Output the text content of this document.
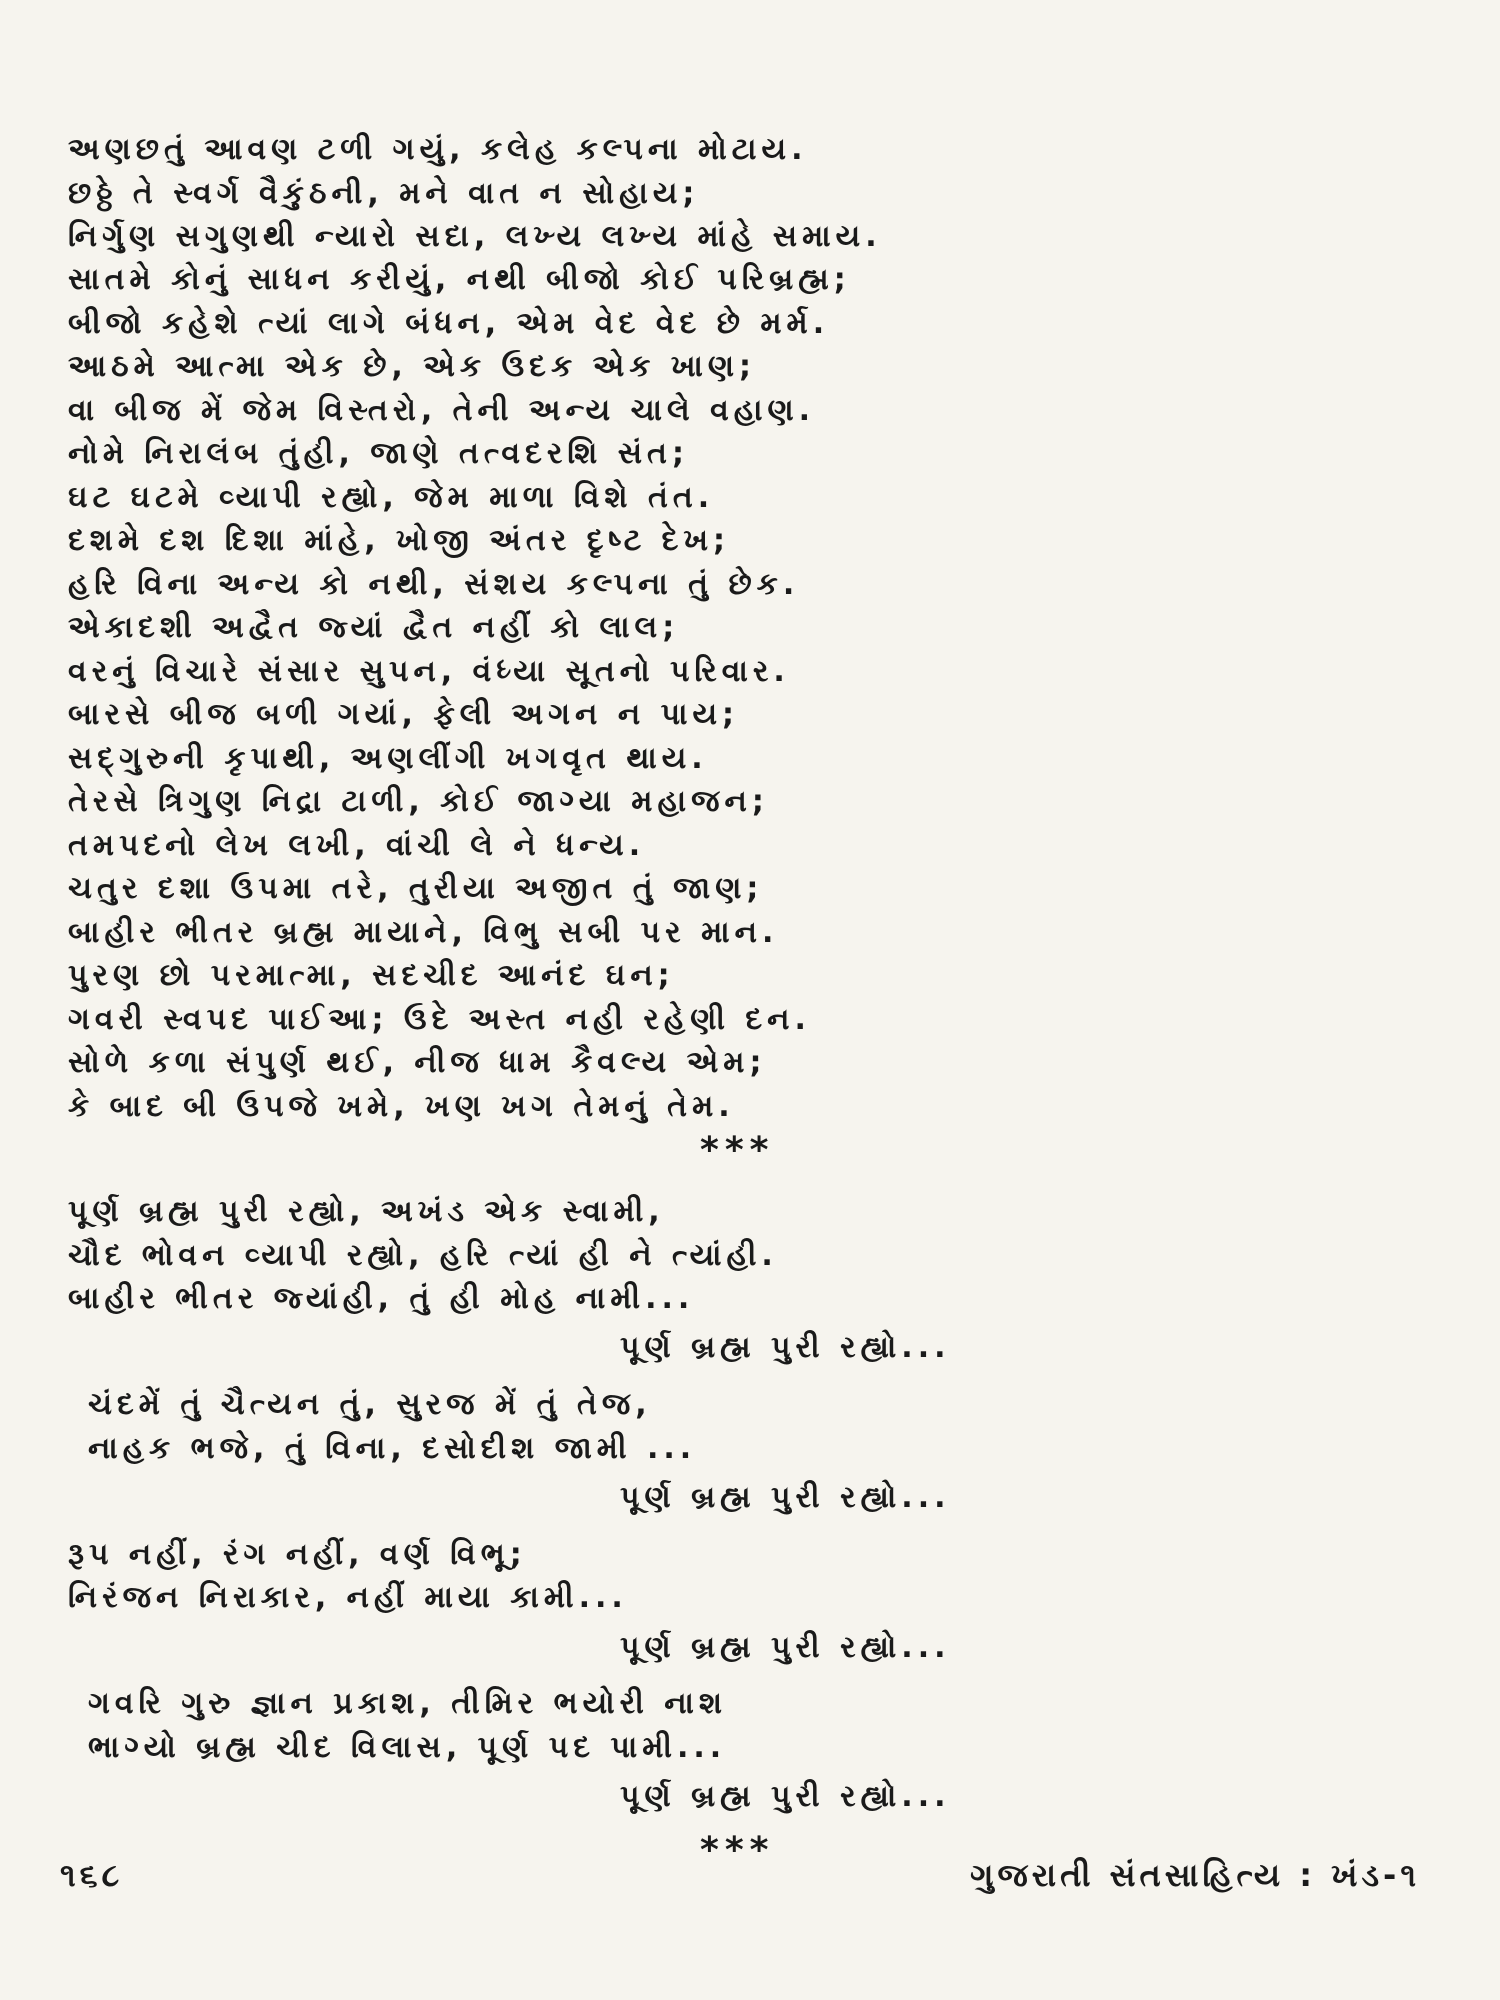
અણછતું આવણ ટળી ગયું, કલેહ કલ્પના મોટાય.
છઠ્ઠે તે સ્વર્ગ વૈકુંઠની, મને વાત ન સોહાય;
નિર્ગુણ સગુણથી ન્યારો સદા, લખ્ય લખ્ય માંહે સમાય.
સાતમે કોનું સાધન કરીયું, નથી બીજો કોઈ પરિબ્રહ્મ;
બીજો કહેશે ત્યાં લાગે બંધન, એમ વેદ વેદ છે મર્મ.
આઠમે આત્મા એક છે, એક ઉદક એક ખાણ;
વા બીજ મેં જેમ વિસ્તરો, તેની અન્ય ચાલે વહાણ.
નોમે નિરાલંબ તુંહી, જાણે તત્વદરશિ સંત;
ઘટ ઘટમે વ્યાપી રહ્યો, જેમ માળા વિશે તંત.
દશમે દશ દિશા માંહે, ખોજી અંતર દૃષ્ટ દેખ;
હરિ વિના અન્ય કો નથી, સંશય કલ્પના તું છેક.
એકાદશી અદ્વૈત જ્યાં દ્વૈત નહીં કો લાલ;
વરનું વિચારે સંસાર સુપન, વંધ્યા સૂતનો પરિવાર.
બારસે બીજ બળી ગયાં, ફેલી અગન ન પાય;
સદ્‌ગુરુની કૃપાથી, અણલીંગી ખગવૃત થાય.
તેરસે ત્રિગુણ નિદ્રા ટાળી, કોઈ જાગ્યા મહાજન;
તમપદનો લેખ લખી, વાંચી લે ને ધન્ય.
ચતુર દશા ઉપમા તરે, તુરીયા અજીત તું જાણ;
બાહીર ભીતર બ્રહ્મ માયાને, વિભુ સબી પર માન.
પુરણ છો પરમાત્મા, સદચીદ આનંદ ઘન;
ગવરી સ્વપદ પાઈઆ; ઉદે અસ્ત નહી રહેણી દન.
સોળે કળા સંપુર્ણ થઈ, નીજ ધામ કૈવલ્ય એમ;
કે બાદ બી ઉપજે ખમે, ખણ ખગ તેમનું તેમ.
***
પૂર્ણ બ્રહ્મ પુરી રહ્યો, અખંડ એક સ્વામી,
ચૌદ ભોવન વ્યાપી રહ્યો, હરિ ત્યાં હી ને ત્યાંહી.
બાહીર ભીતર જ્યાંહી, તું હી મોહ નામી...
પૂર્ણ બ્રહ્મ પુરી રહ્યો...
ચંદમેં તું ચૈત્યન તું, સુરજ મેં તું તેજ,
નાહક ભજે, તું વિના, દસોદીશ જામી ...
પૂર્ણ બ્રહ્મ પુરી રહ્યો...
રૂપ નહીં, રંગ નહીં, વર્ણ વિભૂ;
નિરંજન નિરાકાર, નહીં માયા કામી...
પૂર્ણ બ્રહ્મ પુરી રહ્યો...
ગવરિ ગુરુ જ્ઞાન પ્રકાશ, તીમિર ભયોરી નાશ
ભાગ્યો બ્રહ્મ ચીદ વિલાસ, પૂર્ણ પદ પામી...
પૂર્ણ બ્રહ્મ પુરી રહ્યો...
***
૧૬૮	ગુજરાતી સંતસાહિત્ય : ખંડ-૧
